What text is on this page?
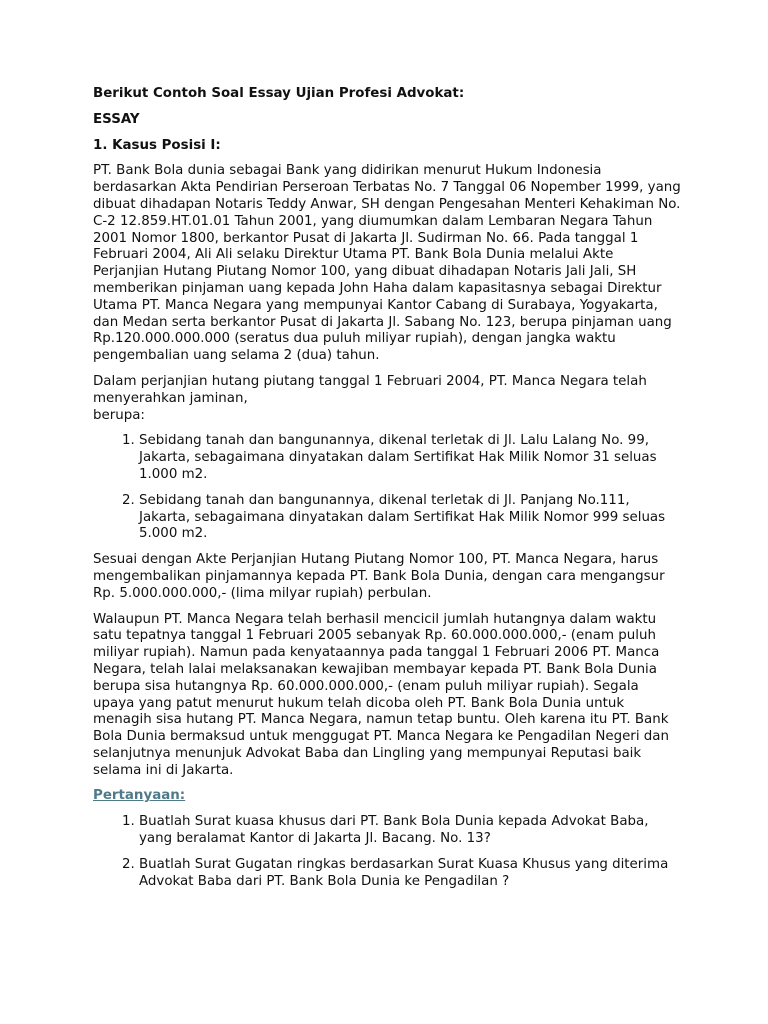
Berikut Contoh Soal Essay Ujian Profesi Advokat:
ESSAY
1. Kasus Posisi I:

PT. Bank Bola dunia sebagai Bank yang didirikan menurut Hukum Indonesia berdasarkan Akta Pendirian Perseroan Terbatas No. 7 Tanggal 06 Nopember 1999, yang dibuat dihadapan Notaris Teddy Anwar, SH dengan Pengesahan Menteri Kehakiman No. C-2 12.859.HT.01.01 Tahun 2001, yang diumumkan dalam Lembaran Negara Tahun 2001 Nomor 1800, berkantor Pusat di Jakarta Jl. Sudirman No. 66. Pada tanggal 1 Februari 2004, Ali Ali selaku Direktur Utama PT. Bank Bola Dunia melalui Akte Perjanjian Hutang Piutang Nomor 100, yang dibuat dihadapan Notaris Jali Jali, SH memberikan pinjaman uang kepada John Haha dalam kapasitasnya sebagai Direktur Utama PT. Manca Negara yang mempunyai Kantor Cabang di Surabaya, Yogyakarta, dan Medan serta berkantor Pusat di Jakarta Jl. Sabang No. 123, berupa pinjaman uang Rp.120.000.000.000 (seratus dua puluh miliyar rupiah), dengan jangka waktu pengembalian uang selama 2 (dua) tahun.

Dalam perjanjian hutang piutang tanggal 1 Februari 2004, PT. Manca Negara telah menyerahkan jaminan,
berupa:

1. Sebidang tanah dan bangunannya, dikenal terletak di Jl. Lalu Lalang No. 99, Jakarta, sebagaimana dinyatakan dalam Sertifikat Hak Milik Nomor 31 seluas 1.000 m2.
2. Sebidang tanah dan bangunannya, dikenal terletak di Jl. Panjang No.111, Jakarta, sebagaimana dinyatakan dalam Sertifikat Hak Milik Nomor 999 seluas 5.000 m2.

Sesuai dengan Akte Perjanjian Hutang Piutang Nomor 100, PT. Manca Negara, harus mengembalikan pinjamannya kepada PT. Bank Bola Dunia, dengan cara mengangsur Rp. 5.000.000.000,- (lima milyar rupiah) perbulan.

Walaupun PT. Manca Negara telah berhasil mencicil jumlah hutangnya dalam waktu satu tepatnya tanggal 1 Februari 2005 sebanyak Rp. 60.000.000.000,- (enam puluh miliyar rupiah). Namun pada kenyataannya pada tanggal 1 Februari 2006 PT. Manca Negara, telah lalai melaksanakan kewajiban membayar kepada PT. Bank Bola Dunia berupa sisa hutangnya Rp. 60.000.000.000,- (enam puluh miliyar rupiah). Segala upaya yang patut menurut hukum telah dicoba oleh PT. Bank Bola Dunia untuk menagih sisa hutang PT. Manca Negara, namun tetap buntu. Oleh karena itu PT. Bank Bola Dunia bermaksud untuk menggugat PT. Manca Negara ke Pengadilan Negeri dan selanjutnya menunjuk Advokat Baba dan Lingling yang mempunyai Reputasi baik selama ini di Jakarta.

Pertanyaan:
1. Buatlah Surat kuasa khusus dari PT. Bank Bola Dunia kepada Advokat Baba, yang beralamat Kantor di Jakarta Jl. Bacang. No. 13?
2. Buatlah Surat Gugatan ringkas berdasarkan Surat Kuasa Khusus yang diterima Advokat Baba dari PT. Bank Bola Dunia ke Pengadilan ?
